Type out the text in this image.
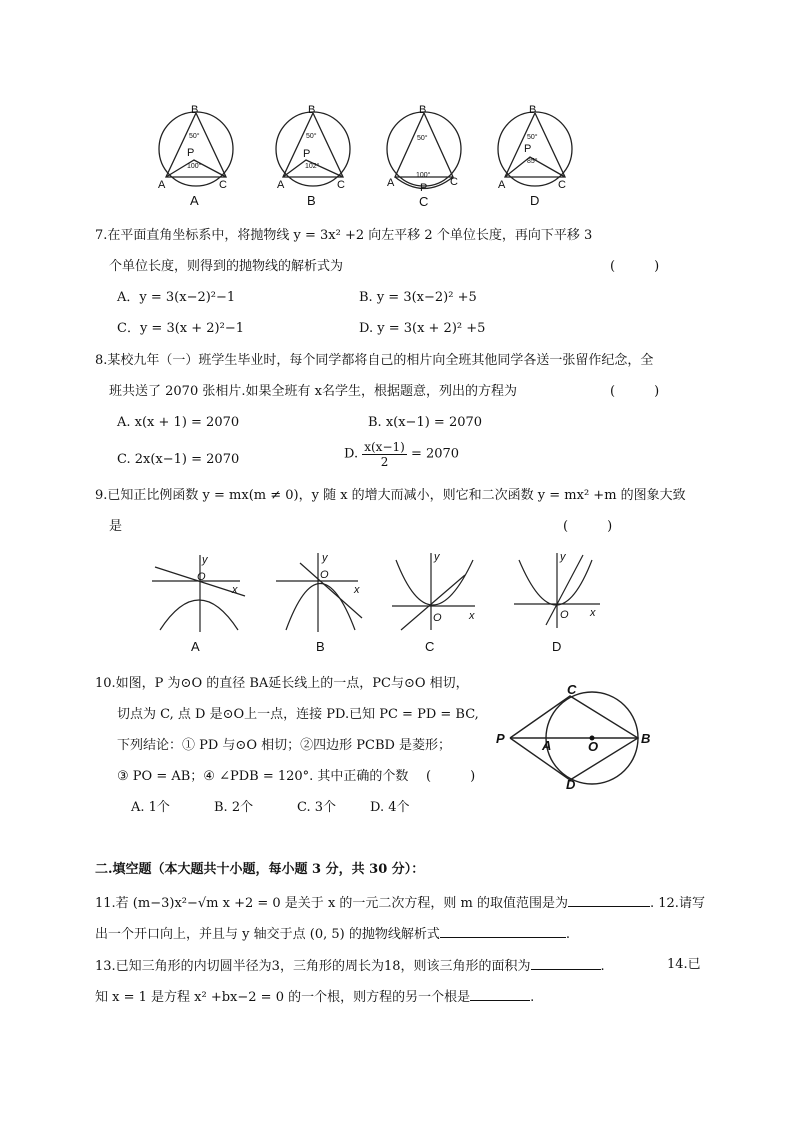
B
50°
P
100°
A	C
A
B
50°
P
102°
A	C
B
B
50°
100°
P
A	C
C
B
50°
P
85°
A	C
D
7.在平面直角坐标系中，将抛物线 y = 3x² +2 向左平移 2 个单位长度，再向下平移 3
个单位长度，则得到的抛物线的解析式为	(　　　)
A．y = 3(x−2)²−1	B. y = 3(x−2)² +5
C．y = 3(x + 2)²−1	D. y = 3(x + 2)² +5
8.某校九年（一）班学生毕业时，每个同学都将自己的相片向全班其他同学各送一张留作纪念，全
班共送了 2070 张相片.如果全班有 x名学生，根据题意，列出的方程为	(　　　)
A. x(x + 1) = 2070	B. x(x−1) = 2070
C. 2x(x−1) = 2070	D. $\frac{x(x-1)}{2} = 2070$
9.已知正比例函数 y = mx(m ≠ 0)，y 随 x 的增大而减小，则它和二次函数 y = mx² +m 的图象大致
是	(　　　)
y
O
x
y
O
x
y
O x
y
O x
A	B	C	D
10.如图，P 为⊙O 的直径 BA延长线上的一点，PC与⊙O 相切，
切点为 C, 点 D 是⊙O上一点，连接 PD.已知 PC = PD = BC,
下列结论：① PD 与⊙O 相切；②四边形 PCBD 是菱形；
③ PO = AB；④ ∠PDB = 120°. 其中正确的个数 (　　　)
A. 1个	B. 2个	C. 3个	D. 4个
P	A	O
B
C
D
二.填空题（本大题共十小题，每小题 3 分，共 30 分）：
11.若 (m−3)x²−√m x +2 = 0 是关于 x 的一元二次方程，则 m 的取值范围是为	. 12.请写
出一个开口向上，并且与 y 轴交于点 (0, 5) 的抛物线解析式	.
13.已知三角形的内切圆半径为3，三角形的周长为18，则该三角形的面积为	.	14.已
知 x = 1 是方程 x² +bx−2 = 0 的一个根，则方程的另一个根是	.
